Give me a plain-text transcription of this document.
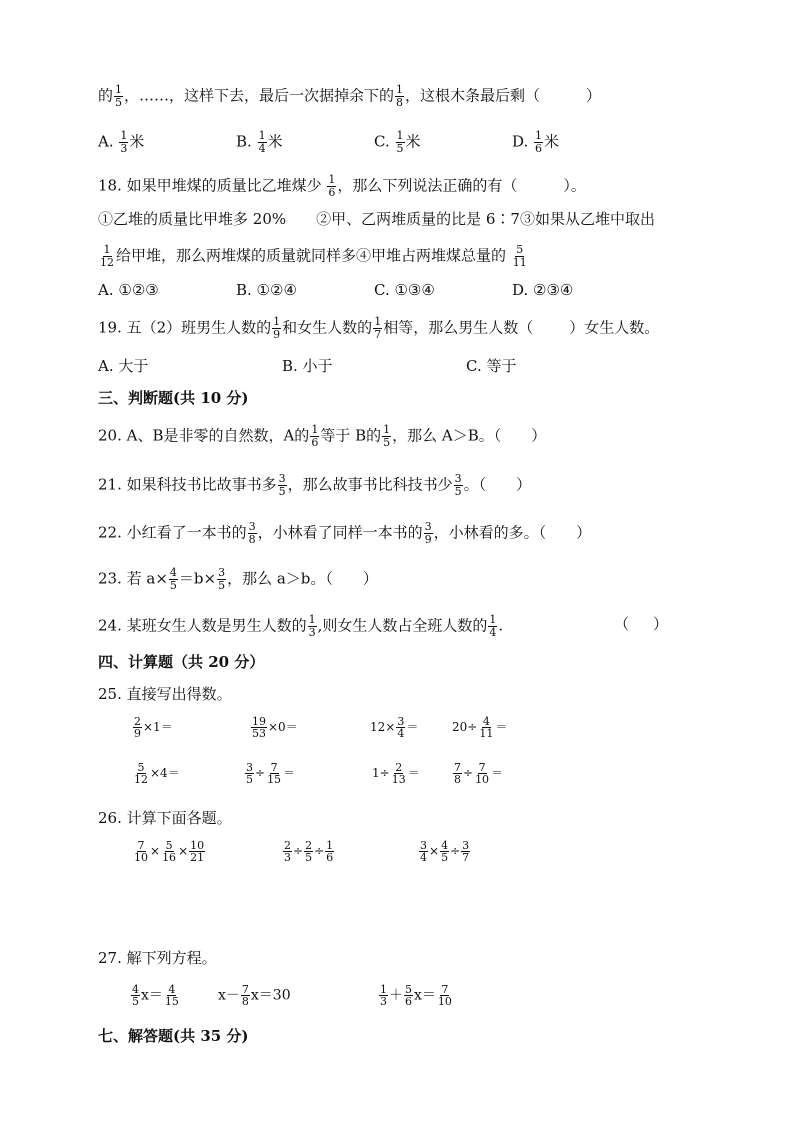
的 $\frac{1}{5}$ ，……，这样下去，最后一次据掉余下的 $\frac{1}{8}$ ，这根木条最后剩（	）
A. $\frac{1}{3}$ 米	B. $\frac{1}{4}$ 米	C. $\frac{1}{5}$ 米	D. $\frac{1}{6}$ 米
18. 如果甲堆煤的质量比乙堆煤少 $\frac{1}{6}$ ，那么下列说法正确的有（	）。
①乙堆的质量比甲堆多 20%　　②甲、乙两堆质量的比是 6∶7③如果从乙堆中取出
$\frac{1}{12}$ 给甲堆，那么两堆煤的质量就同样多④甲堆占两堆煤总量的 $\frac{5}{11}$
A. ①②③	B. ①②④	C. ①③④	D. ②③④
19. 五（2）班男生人数的 $\frac{1}{9}$ 和女生人数的 $\frac{1}{7}$ 相等，那么男生人数（ ）女生人数。
A. 大于	B. 小于	C. 等于
三、判断题(共 10 分)
20. A、B是非零的自然数，A的 $\frac{1}{6}$ 等于 B的 $\frac{1}{5}$ ，那么 A＞B。（ ）
21. 如果科技书比故事书多 $\frac{3}{5}$ ，那么故事书比科技书少 $\frac{3}{5}$ 。（ ）
22. 小红看了一本书的 $\frac{3}{8}$ ，小林看了同样一本书的 $\frac{3}{9}$ ，小林看的多。（ ）
23. 若 $a\times \frac{4}{5} =b\times \frac{3}{5}$ ，那么 a＞b。（ ）
24. 某班女生人数是男生人数的 $\frac{1}{3}$ ,则女生人数占全班人数的 $\frac{1}{4}$ .	（ ）
四、计算题（共 20 分）
25. 直接写出得数。
$\frac{2}{9} \times 1=$	$\frac{19}{53} \times 0=$	$12\times \frac{3}{4}$ ＝	$20\div \frac{4}{11}$ ＝
$\frac{5}{12} \times 4=$	$\frac{3}{5} \div \frac{7}{15}$ ＝	$1\div \frac{2}{13}$ ＝	$\frac{7}{8} \div \frac{7}{10}$ ＝
26. 计算下面各题。
$\frac{7}{10} \times \frac{5}{16} \times \frac{10}{21}$	$\frac{2}{3} \div \frac{2}{5} \div \frac{1}{6}$	$\frac{3}{4} \times \frac{4}{5} \div \frac{3}{7}$
27. 解下列方程。
$\frac{4}{5} x= \frac{4}{15}$	$x- \frac{7}{8} x=30$	$\frac{1}{3} + \frac{5}{6} x= \frac{7}{10}$
七、解答题(共 35 分)
